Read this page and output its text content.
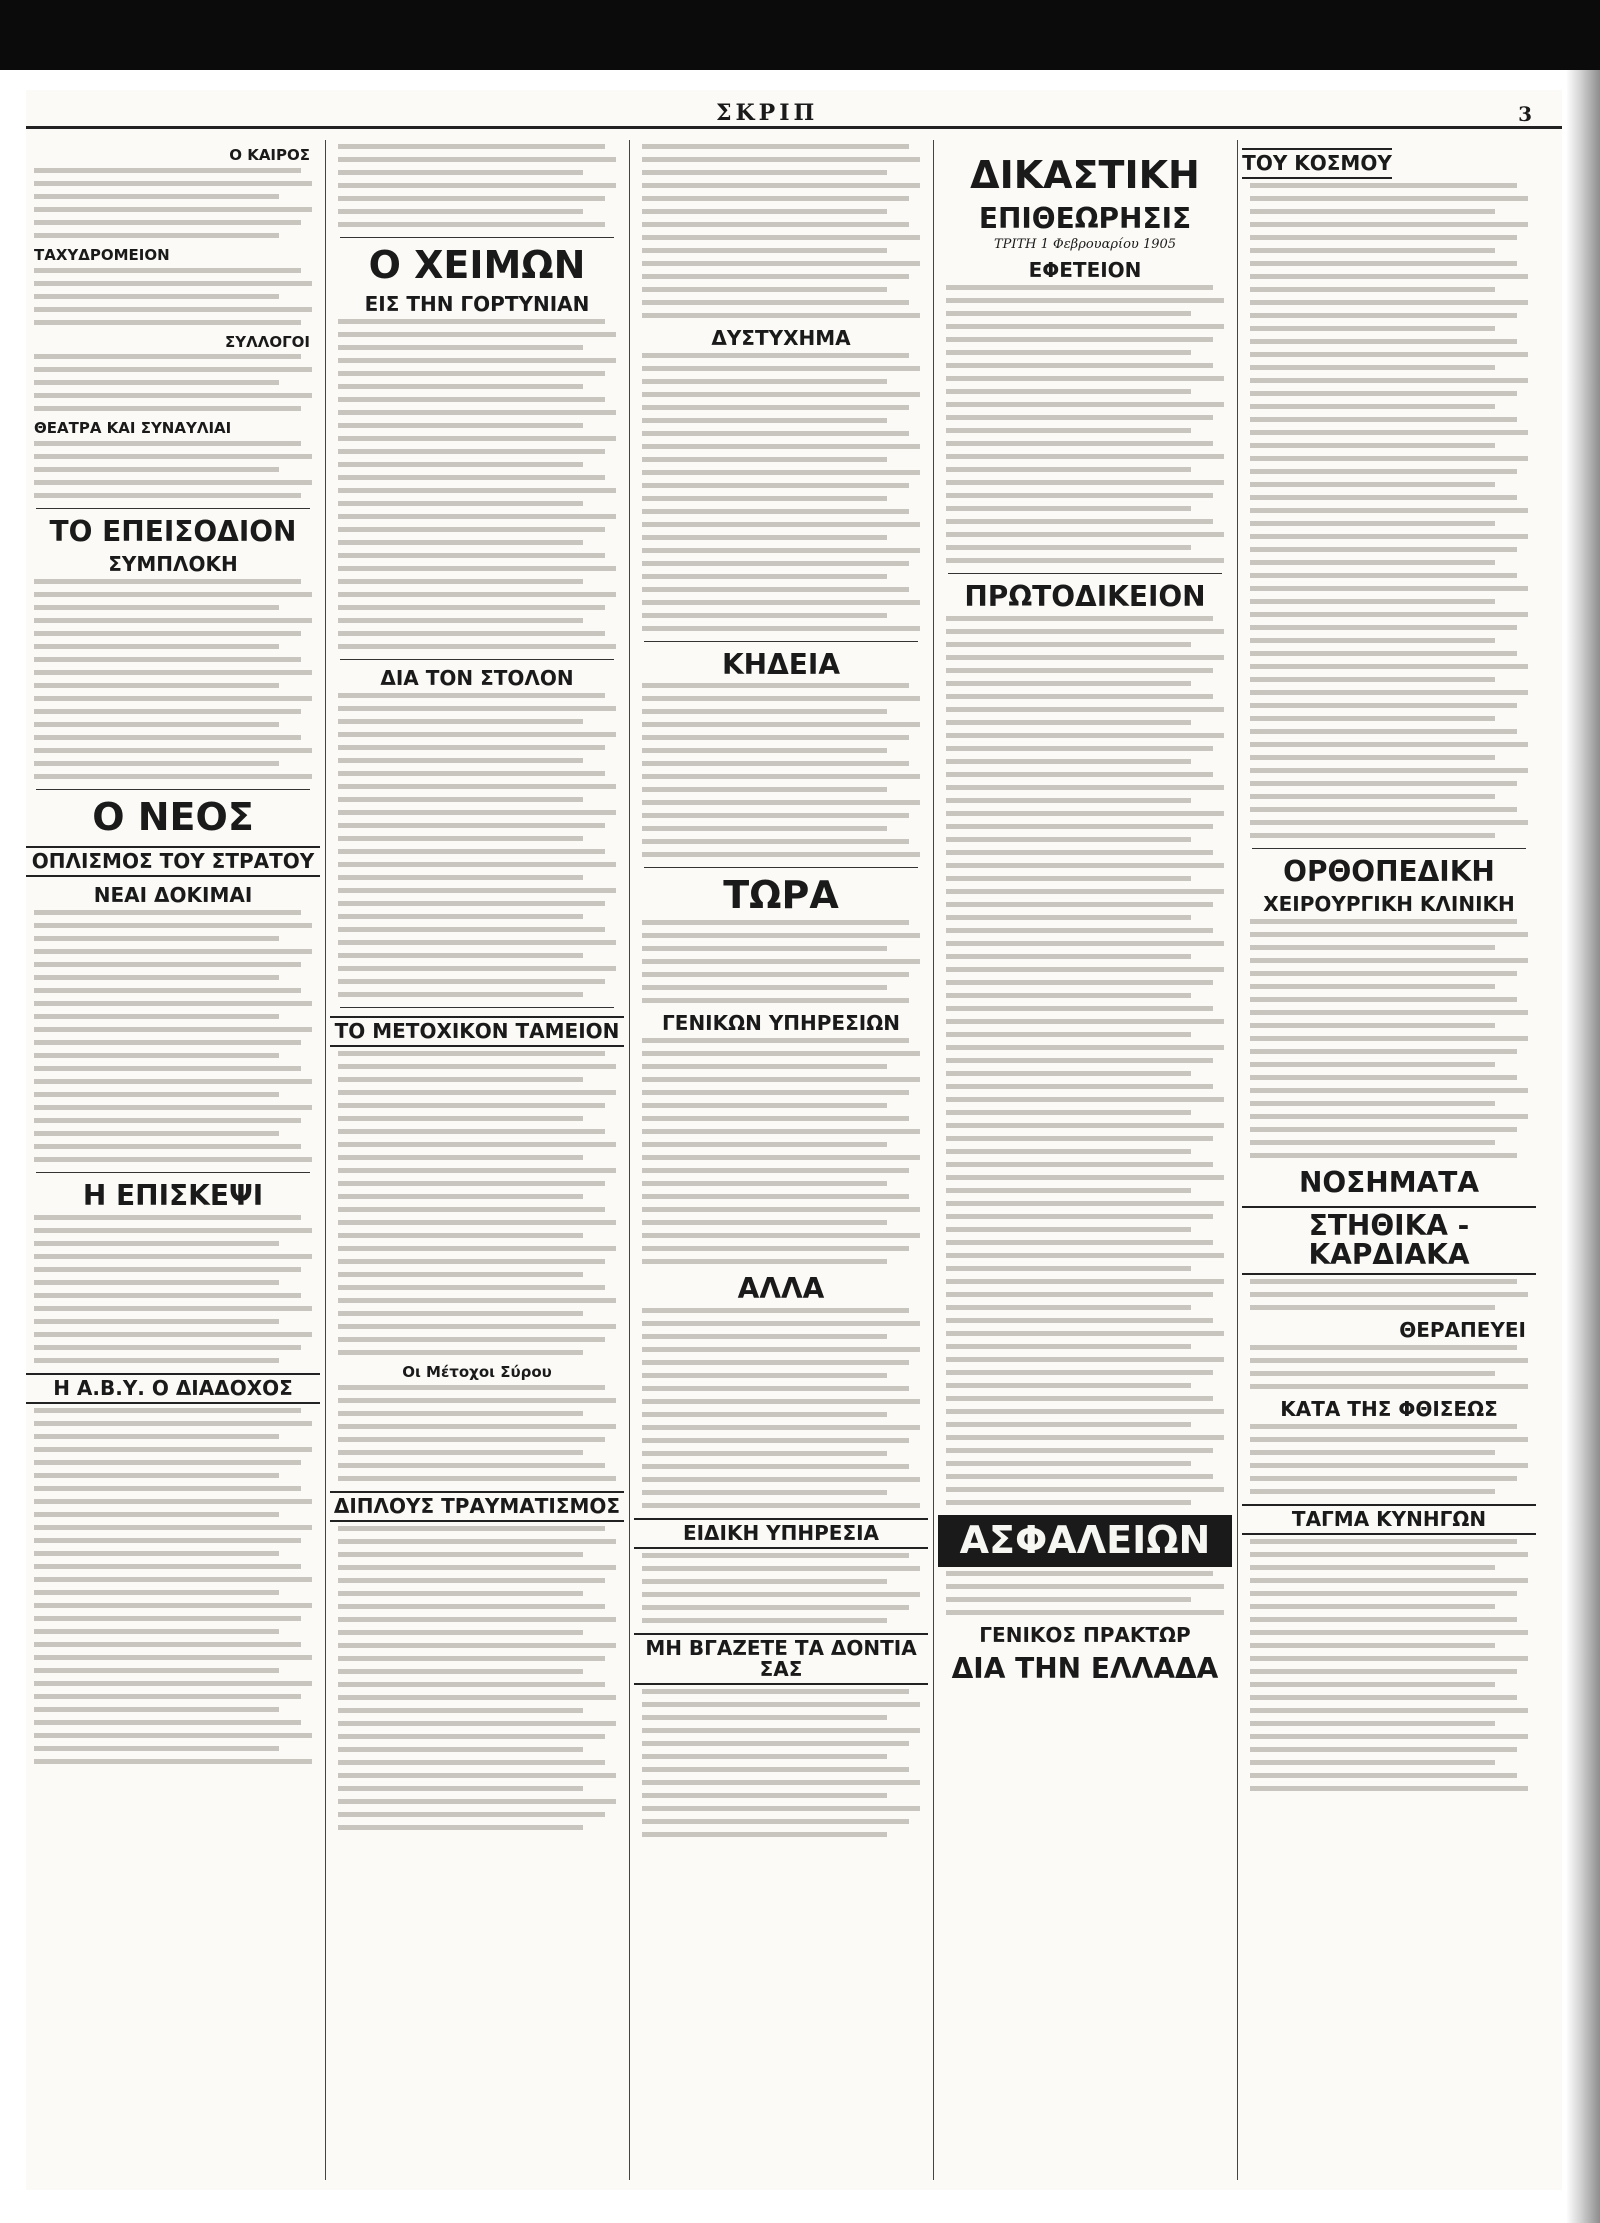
ΣΚΡΙΠ	3
Ο ΚΑΙΡΟΣ
ΤΑΧΥΔΡΟΜΕΙΟΝ
ΣΥΛΛΟΓΟΙ
ΘΕΑΤΡΑ ΚΑΙ ΣΥΝΑΥΛΙΑΙ
ΤΟ ΕΠΕΙΣΟΔΙΟΝ
ΣΥΜΠΛΟΚΗ
Ο ΝΕΟΣ
ΟΠΛΙΣΜΟΣ ΤΟΥ ΣΤΡΑΤΟΥ
ΝΕΑΙ ΔΟΚΙΜΑΙ
Η ΕΠΙΣΚΕΨΙ
Η Α.Β.Υ. Ο ΔΙΑΔΟΧΟΣ
Ο ΧΕΙΜΩΝ
ΕΙΣ ΤΗΝ ΓΟΡΤΥΝΙΑΝ
ΔΙΑ ΤΟΝ ΣΤΟΛΟΝ
ΤΟ ΜΕΤΟΧΙΚΟΝ ΤΑΜΕΙΟΝ
Οι Μέτοχοι Σύρου
ΔΙΠΛΟΥΣ ΤΡΑΥΜΑΤΙΣΜΟΣ
ΔΥΣΤΥΧΗΜΑ
ΚΗΔΕΙΑ
ΤΩΡΑ
ΓΕΝΙΚΩΝ ΥΠΗΡΕΣΙΩΝ
ΑΛΛΑ
ΕΙΔΙΚΗ ΥΠΗΡΕΣΙΑ
ΜΗ ΒΓΑΖΕΤΕ ΤΑ ΔΟΝΤΙΑ ΣΑΣ
ΔΙΚΑΣΤΙΚΗ
ΕΠΙΘΕΩΡΗΣΙΣ
ΤΡΙΤΗ 1 Φεβρουαρίου 1905
ΕΦΕΤΕΙΟΝ
ΠΡΩΤΟΔΙΚΕΙΟΝ
ΑΣΦΑΛΕΙΩΝ
ΓΕΝΙΚΟΣ ΠΡΑΚΤΩΡ
ΔΙΑ ΤΗΝ ΕΛΛΑΔΑ
ΤΟΥ ΚΟΣΜΟΥ
ΟΡΘΟΠΕΔΙΚΗ
ΧΕΙΡΟΥΡΓΙΚΗ ΚΛΙΝΙΚΗ
ΝΟΣΗΜΑΤΑ
ΣΤΗΘΙΚΑ - ΚΑΡΔΙΑΚΑ
ΘΕΡΑΠΕΥΕΙ
ΚΑΤΑ ΤΗΣ ΦΘΙΣΕΩΣ
ΤΑΓΜΑ ΚΥΝΗΓΩΝ
